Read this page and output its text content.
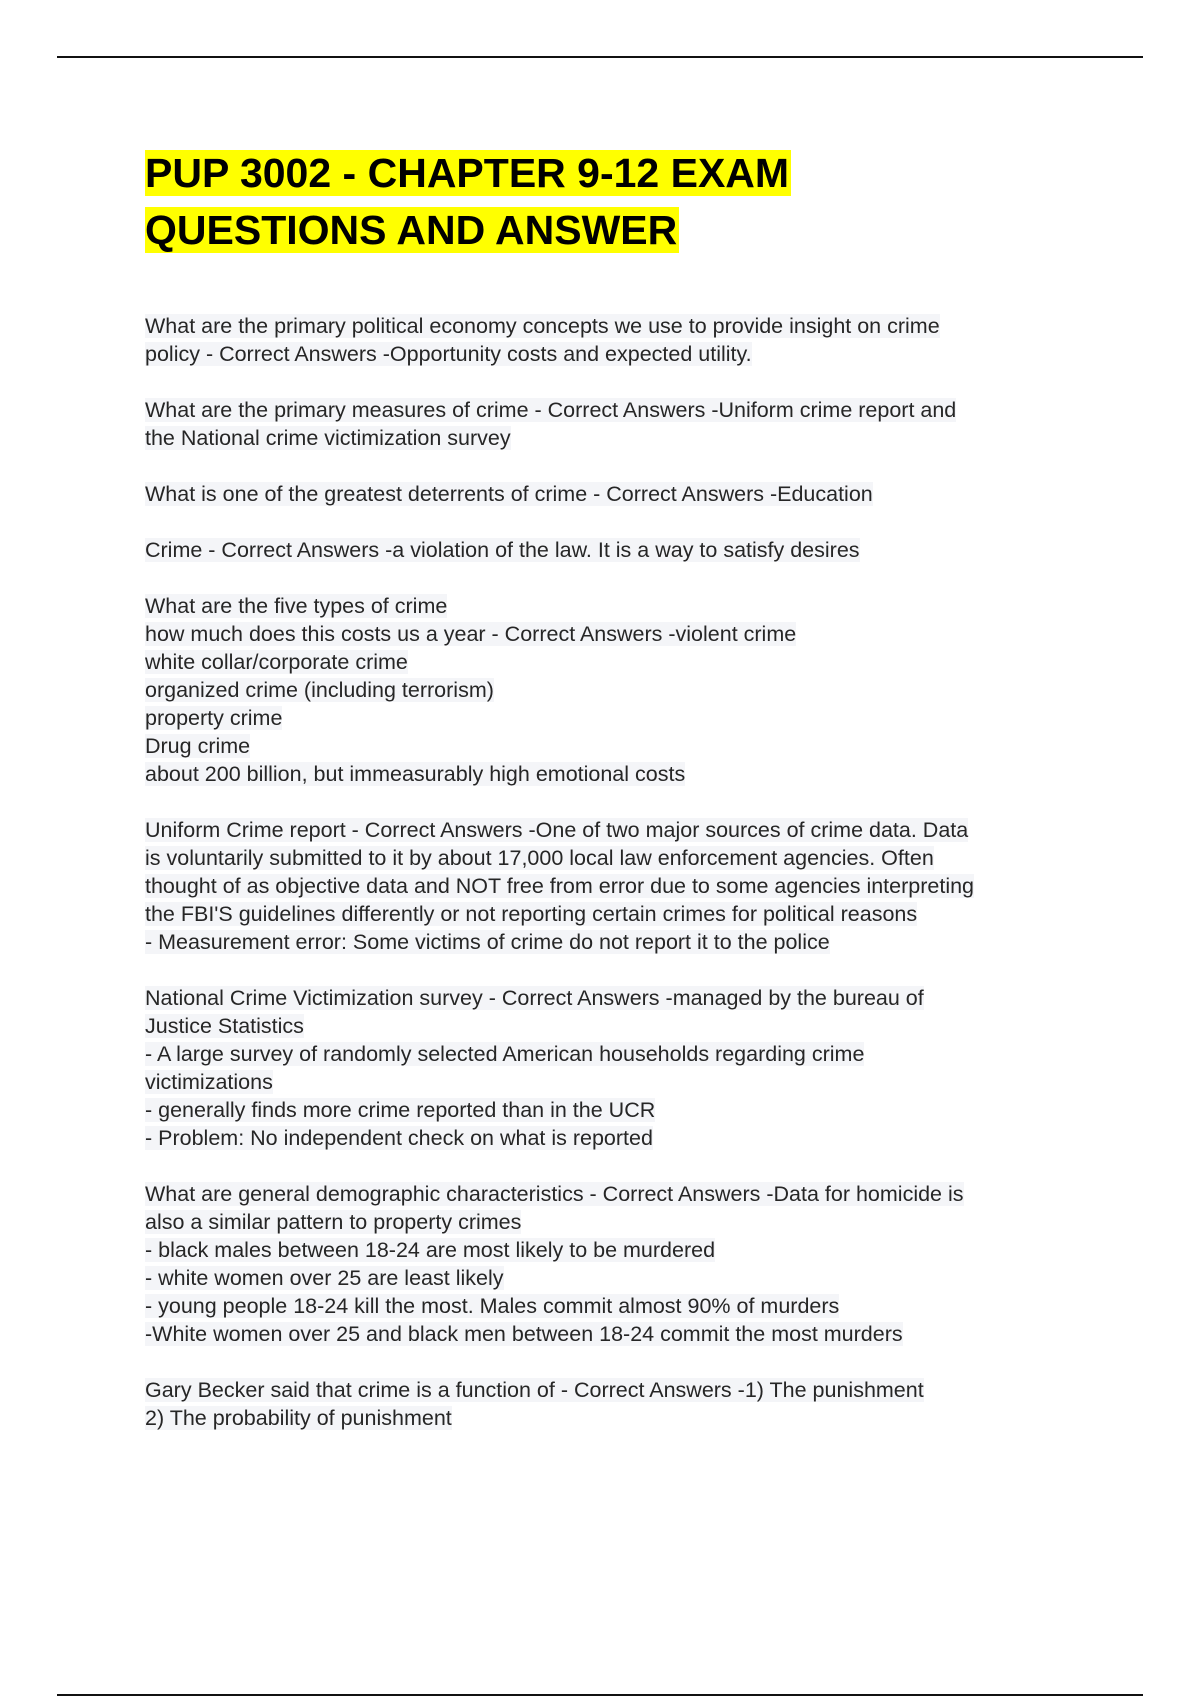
PUP 3002 - CHAPTER 9-12 EXAM
QUESTIONS AND ANSWER

What are the primary political economy concepts we use to provide insight on crime
policy - Correct Answers -Opportunity costs and expected utility.

What are the primary measures of crime - Correct Answers -Uniform crime report and
the National crime victimization survey

What is one of the greatest deterrents of crime - Correct Answers -Education

Crime - Correct Answers -a violation of the law. It is a way to satisfy desires

What are the five types of crime
how much does this costs us a year - Correct Answers -violent crime
white collar/corporate crime
organized crime (including terrorism)
property crime
Drug crime
about 200 billion, but immeasurably high emotional costs

Uniform Crime report - Correct Answers -One of two major sources of crime data. Data
is voluntarily submitted to it by about 17,000 local law enforcement agencies. Often
thought of as objective data and NOT free from error due to some agencies interpreting
the FBI'S guidelines differently or not reporting certain crimes for political reasons
- Measurement error: Some victims of crime do not report it to the police

National Crime Victimization survey - Correct Answers -managed by the bureau of
Justice Statistics
- A large survey of randomly selected American households regarding crime
victimizations
- generally finds more crime reported than in the UCR
- Problem: No independent check on what is reported

What are general demographic characteristics - Correct Answers -Data for homicide is
also a similar pattern to property crimes
- black males between 18-24 are most likely to be murdered
- white women over 25 are least likely
- young people 18-24 kill the most. Males commit almost 90% of murders
-White women over 25 and black men between 18-24 commit the most murders

Gary Becker said that crime is a function of - Correct Answers -1) The punishment
2) The probability of punishment
